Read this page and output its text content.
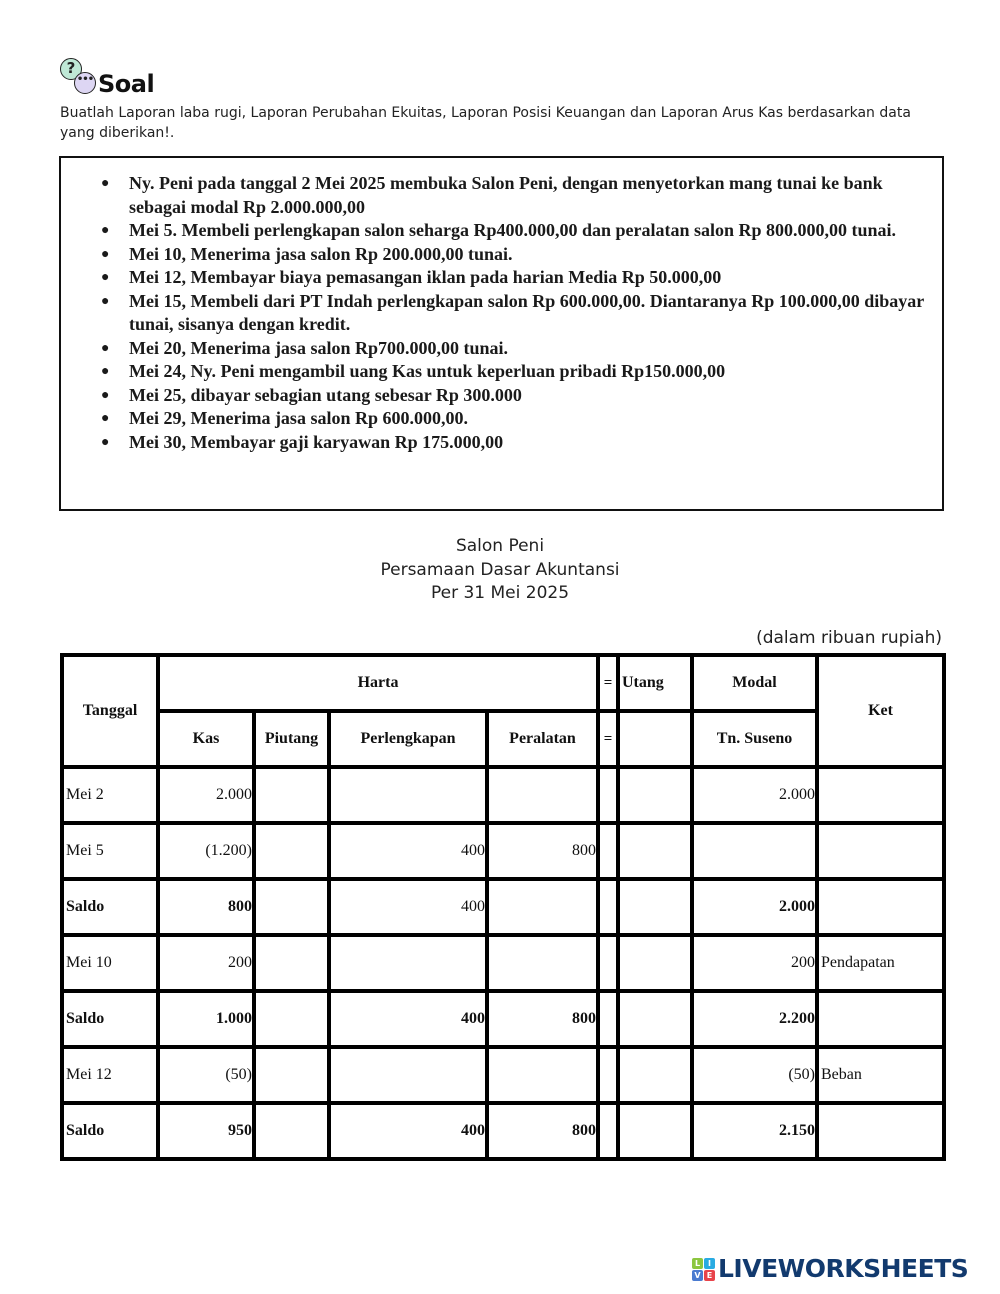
?
••• Soal
Buatlah Laporan laba rugi, Laporan Perubahan Ekuitas, Laporan Posisi Keuangan dan Laporan Arus Kas berdasarkan data yang diberikan!.
● Ny. Peni pada tanggal 2 Mei 2025 membuka Salon Peni, dengan menyetorkan mang tunai ke bank sebagai modal Rp 2.000.000,00
● Mei 5. Membeli perlengkapan salon seharga Rp400.000,00 dan peralatan salon Rp 800.000,00 tunai.
● Mei 10, Menerima jasa salon Rp 200.000,00 tunai.
● Mei 12, Membayar biaya pemasangan iklan pada harian Media Rp 50.000,00
● Mei 15, Membeli dari PT Indah perlengkapan salon Rp 600.000,00. Diantaranya Rp 100.000,00 dibayar tunai, sisanya dengan kredit.
● Mei 20, Menerima jasa salon Rp700.000,00 tunai.
● Mei 24, Ny. Peni mengambil uang Kas untuk keperluan pribadi Rp150.000,00
● Mei 25, dibayar sebagian utang sebesar Rp 300.000
● Mei 29, Menerima jasa salon Rp 600.000,00.
● Mei 30, Membayar gaji karyawan Rp 175.000,00
Salon Peni
Persamaan Dasar Akuntansi
Per 31 Mei 2025
(dalam ribuan rupiah)
Tanggal	Harta				=	Utang	Modal	Ket
	Kas	Piutang	Perlengkapan	Peralatan	=		Tn. Suseno	
Mei 2	2.000						2.000	
Mei 5	(1.200)		400	800				
Saldo	800		400				2.000	
Mei 10	200						200	Pendapatan
Saldo	1.000		400	800			2.200	
Mei 12	(50)						(50)	Beban
Saldo	950		400	800			2.150	
L I
V E LIVEWORKSHEETS
